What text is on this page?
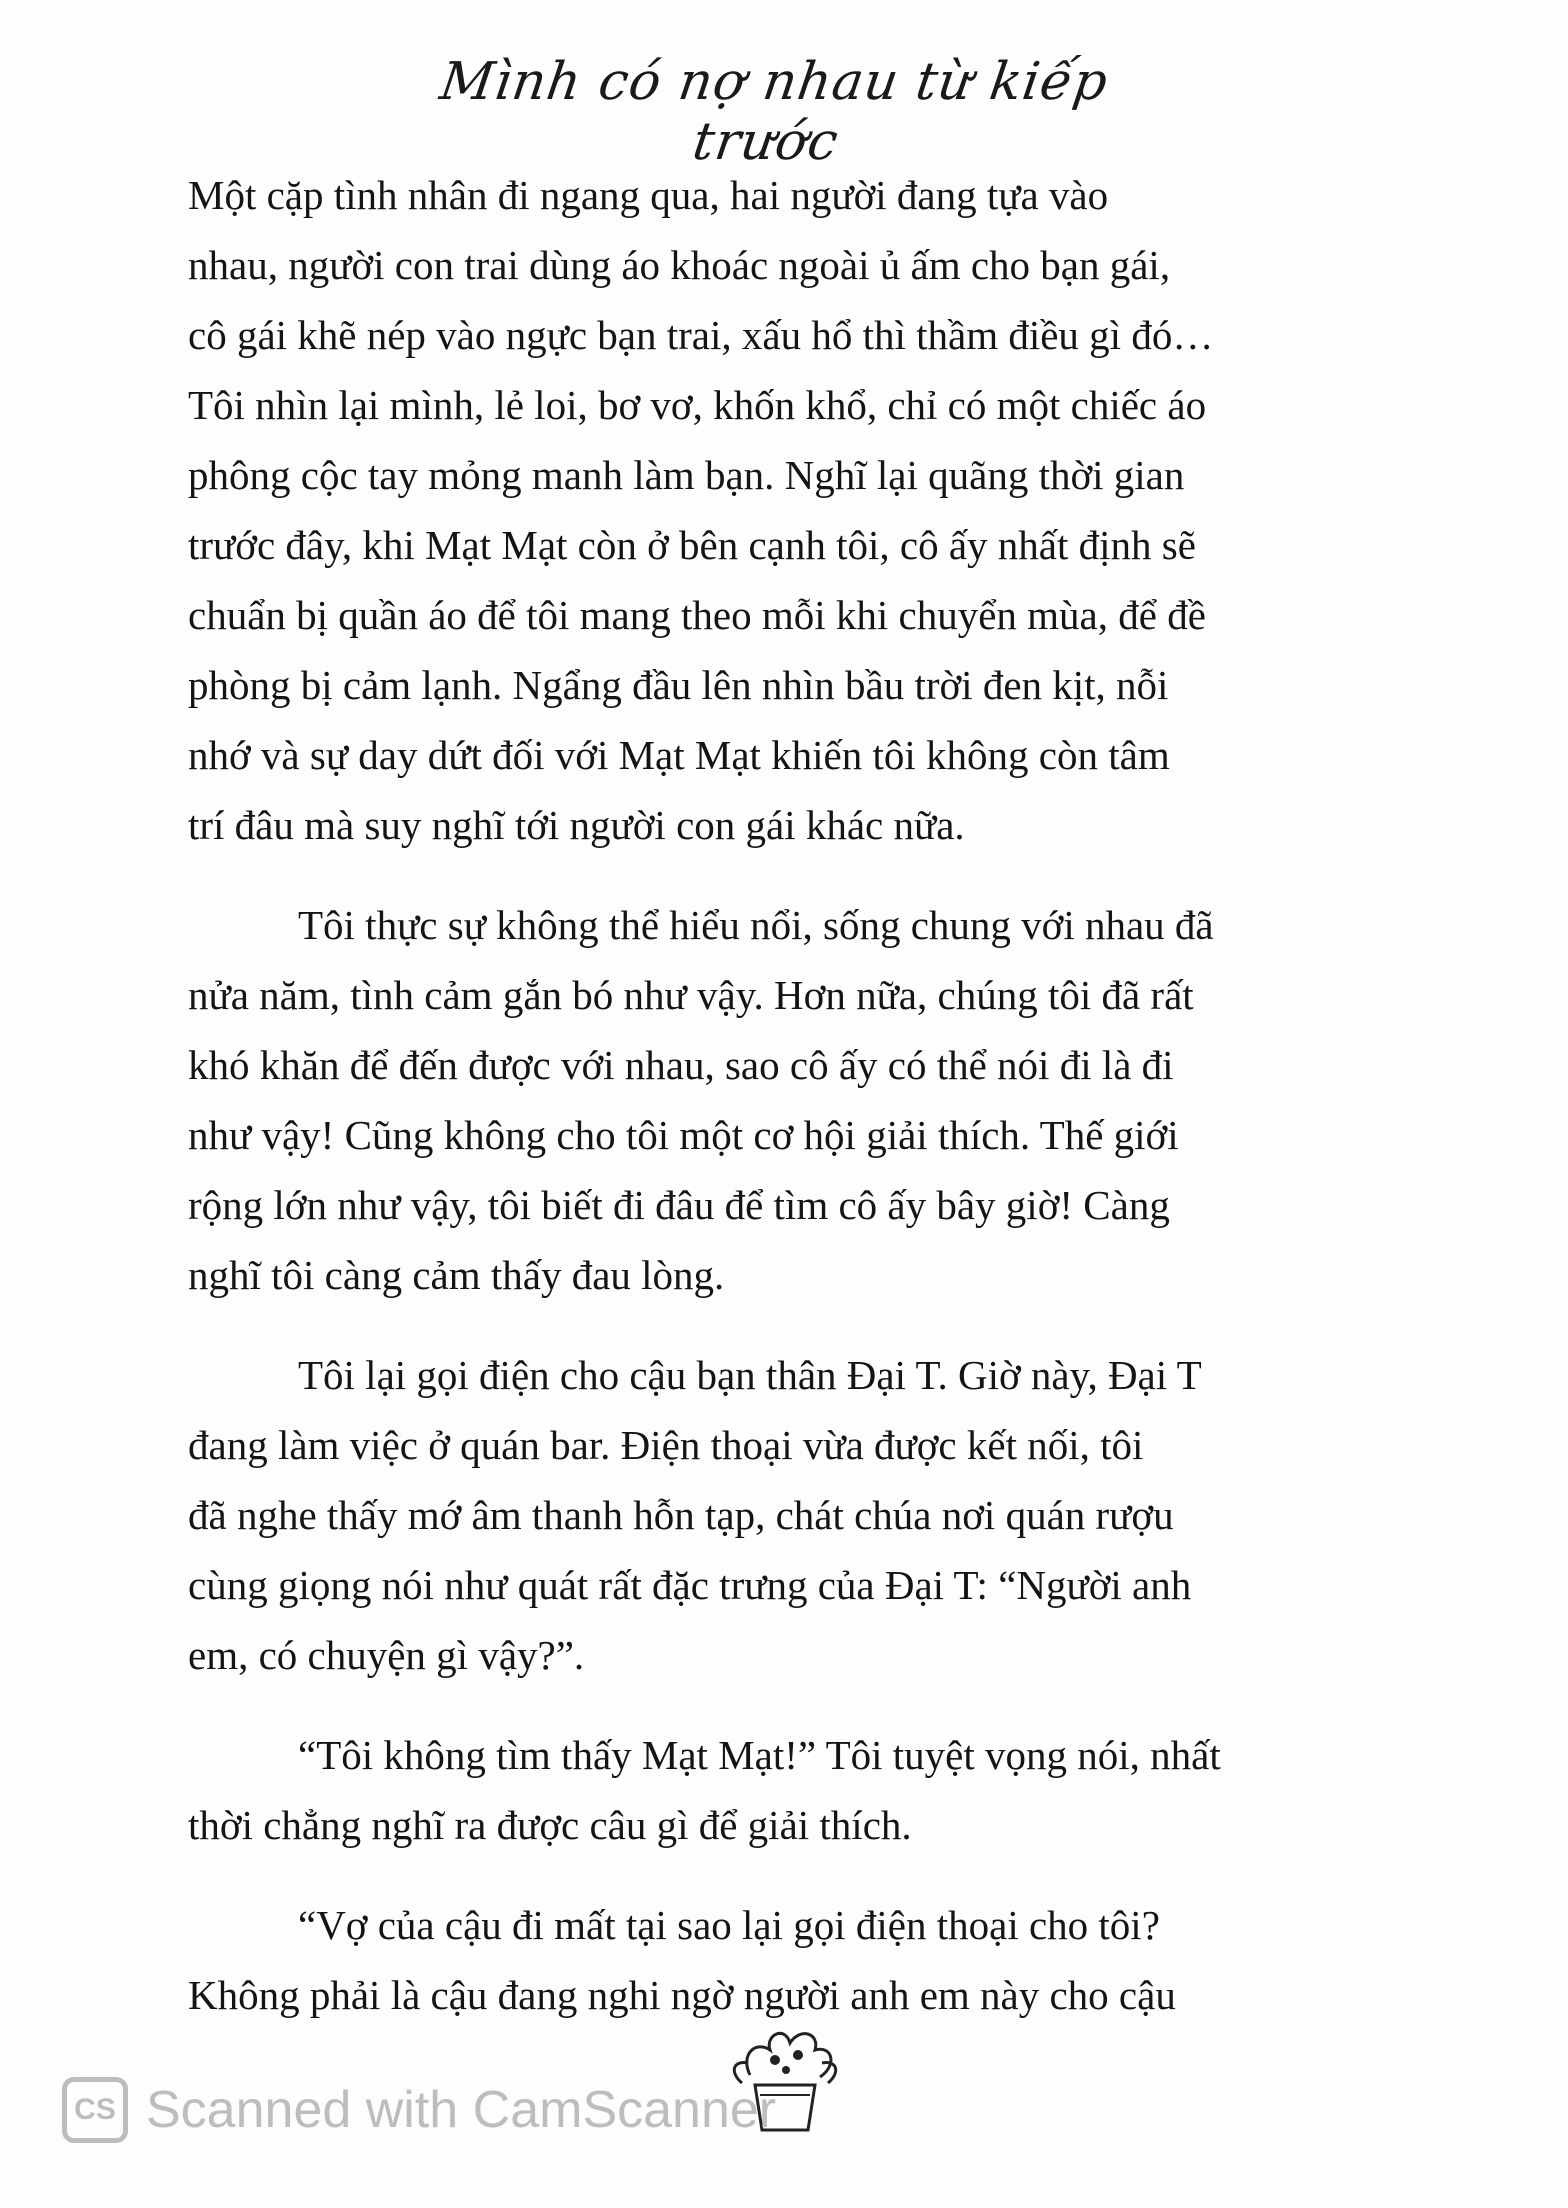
Mình có nợ nhau từ kiếp trước
Một cặp tình nhân đi ngang qua, hai người đang tựa vào
nhau, người con trai dùng áo khoác ngoài ủ ấm cho bạn gái,
cô gái khẽ nép vào ngực bạn trai, xấu hổ thì thầm điều gì đó…
Tôi nhìn lại mình, lẻ loi, bơ vơ, khốn khổ, chỉ có một chiếc áo
phông cộc tay mỏng manh làm bạn. Nghĩ lại quãng thời gian
trước đây, khi Mạt Mạt còn ở bên cạnh tôi, cô ấy nhất định sẽ
chuẩn bị quần áo để tôi mang theo mỗi khi chuyển mùa, để đề
phòng bị cảm lạnh. Ngẩng đầu lên nhìn bầu trời đen kịt, nỗi
nhớ và sự day dứt đối với Mạt Mạt khiến tôi không còn tâm
trí đâu mà suy nghĩ tới người con gái khác nữa.
Tôi thực sự không thể hiểu nổi, sống chung với nhau đã
nửa năm, tình cảm gắn bó như vậy. Hơn nữa, chúng tôi đã rất
khó khăn để đến được với nhau, sao cô ấy có thể nói đi là đi
như vậy! Cũng không cho tôi một cơ hội giải thích. Thế giới
rộng lớn như vậy, tôi biết đi đâu để tìm cô ấy bây giờ! Càng
nghĩ tôi càng cảm thấy đau lòng.
Tôi lại gọi điện cho cậu bạn thân Đại T. Giờ này, Đại T
đang làm việc ở quán bar. Điện thoại vừa được kết nối, tôi
đã nghe thấy mớ âm thanh hỗn tạp, chát chúa nơi quán rượu
cùng giọng nói như quát rất đặc trưng của Đại T: “Người anh
em, có chuyện gì vậy?”.
“Tôi không tìm thấy Mạt Mạt!” Tôi tuyệt vọng nói, nhất
thời chẳng nghĩ ra được câu gì để giải thích.
“Vợ của cậu đi mất tại sao lại gọi điện thoại cho tôi?
Không phải là cậu đang nghi ngờ người anh em này cho cậu
CS Scanned with CamScanner
